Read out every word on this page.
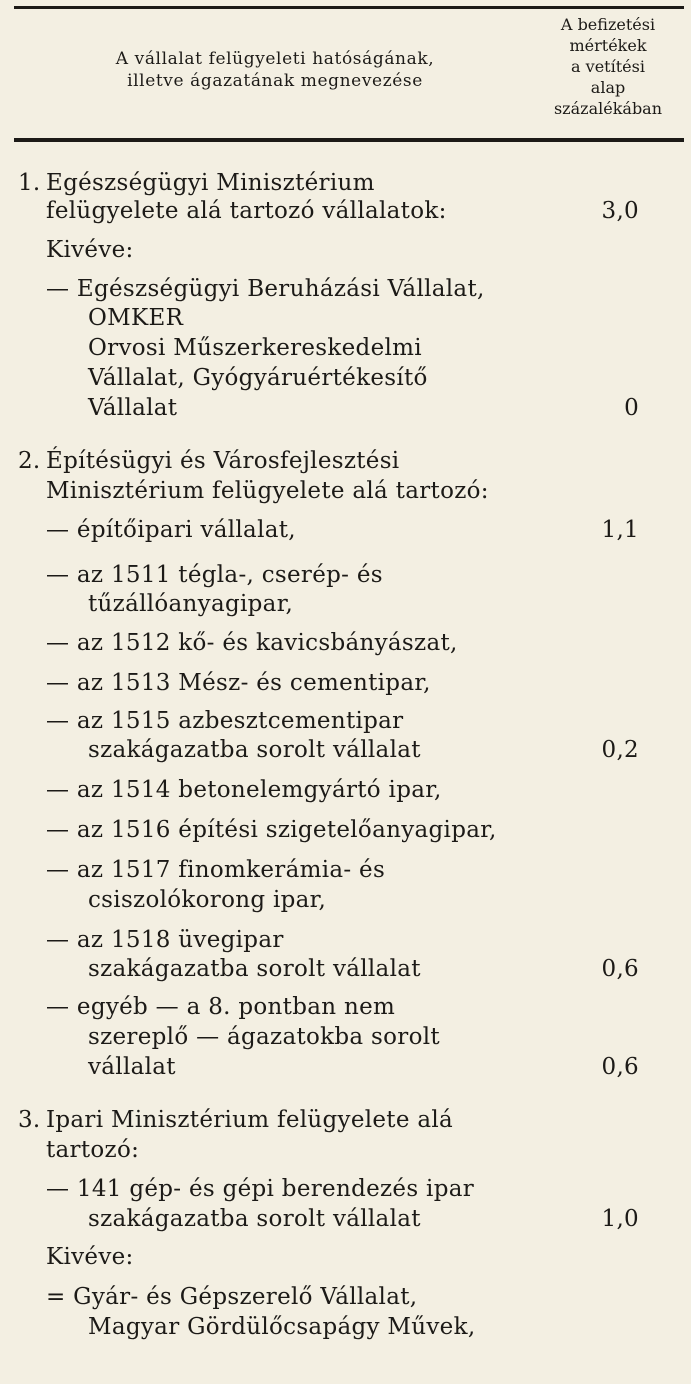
A vállalat felügyeleti hatóságának,
illetve ágazatának megnevezése
A befizetési
mértékek
a vetítési
alap
százalékában
1. Egészségügyi Minisztérium
felügyelete alá tartozó vállalatok:	3,0
Kivéve:
— Egészségügyi Beruházási Vállalat,
OMKER
Orvosi Műszerkereskedelmi
Vállalat, Gyógyáruértékesítő
Vállalat	0
2. Építésügyi és Városfejlesztési
Minisztérium felügyelete alá tartozó:
— építőipari vállalat,	1,1
— az 1511 tégla-, cserép- és
tűzállóanyagipar,
— az 1512 kő- és kavicsbányászat,
— az 1513 Mész- és cementipar,
— az 1515 azbesztcementipar
szakágazatba sorolt vállalat	0,2
— az 1514 betonelemgyártó ipar,
— az 1516 építési szigetelőanyagipar,
— az 1517 finomkerámia- és
csiszolókorong ipar,
— az 1518 üvegipar
szakágazatba sorolt vállalat	0,6
— egyéb — a 8. pontban nem
szereplő — ágazatokba sorolt
vállalat	0,6
3. Ipari Minisztérium felügyelete alá
tartozó:
— 141 gép- és gépi berendezés ipar
szakágazatba sorolt vállalat	1,0
Kivéve:
= Gyár- és Gépszerelő Vállalat,
Magyar Gördülőcsapágy Művek,
